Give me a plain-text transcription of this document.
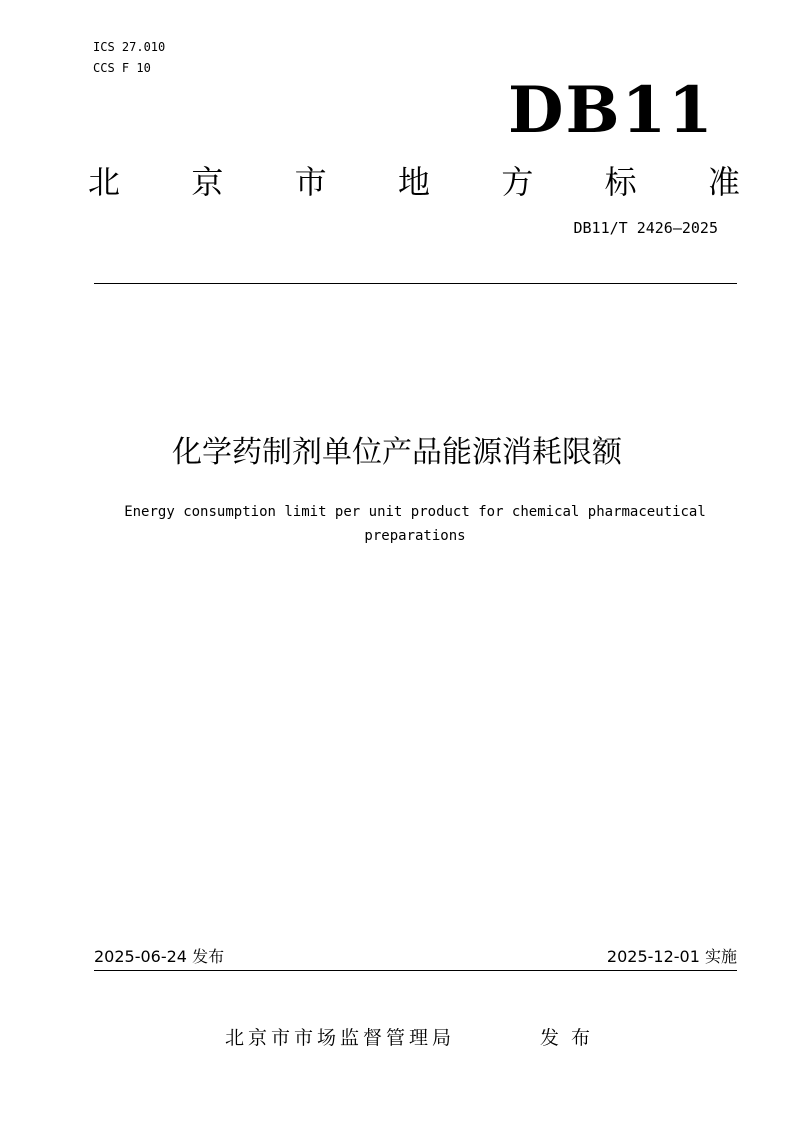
ICS 27.010
CCS F 10
DB11
北 京 市 地 方 标 准
DB11/T 2426—2025
化学药制剂单位产品能源消耗限额
Energy consumption limit per unit product for chemical pharmaceutical preparations
2025-06-24 发布	2025-12-01 实施
北京市市场监督管理局	发布
